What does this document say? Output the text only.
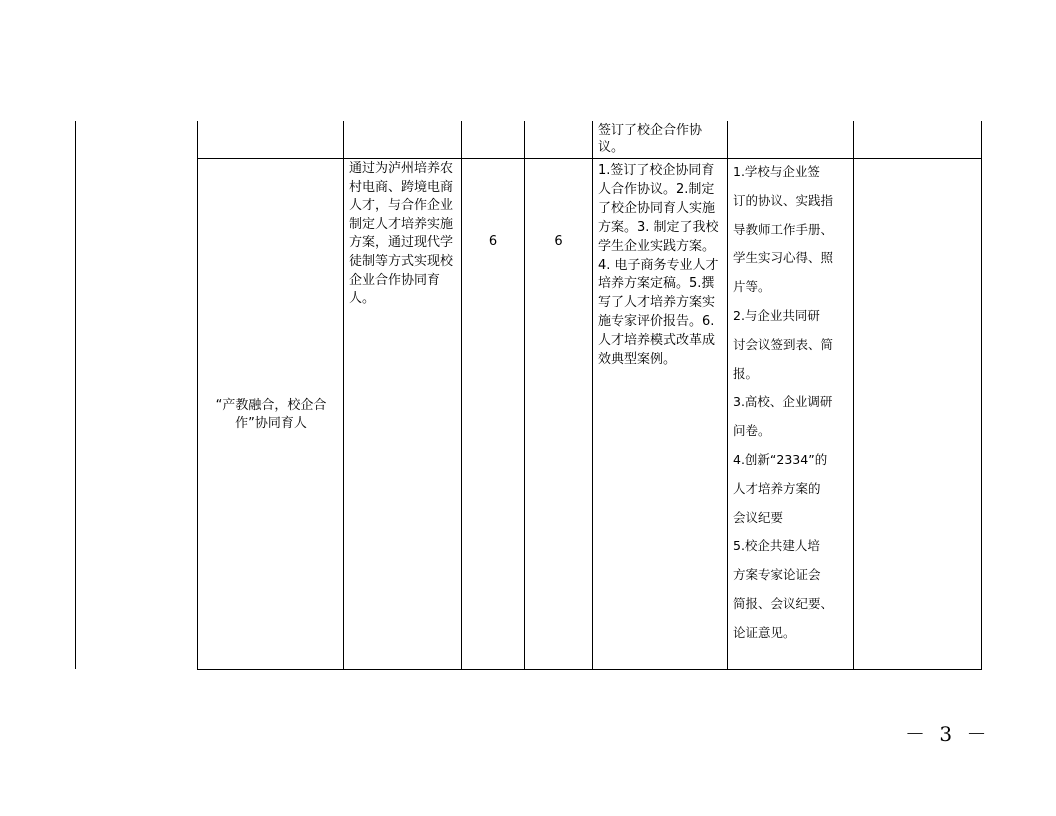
签订了校企合作协议。
“产教融合，校企合作”协同育人
通过为泸州培养农村电商、跨境电商人才，与合作企业制定人才培养实施方案，通过现代学徒制等方式实现校企业合作协同育人。
6	6
1.签订了校企协同育人合作协议。2.制定了校企协同育人实施方案。3. 制定了我校学生企业实践方案。4. 电子商务专业人才培养方案定稿。5.撰写了人才培养方案实施专家评价报告。6.人才培养模式改革成效典型案例。
1.学校与企业签
订的协议、实践指
导教师工作手册、
学生实习心得、照
片等。
2.与企业共同研
讨会议签到表、简
报。
3.高校、企业调研
问卷。
4.创新“2334”的
人才培养方案的
会议纪要
5.校企共建人培
方案专家论证会
简报、会议纪要、
论证意见。
－ 3 －
